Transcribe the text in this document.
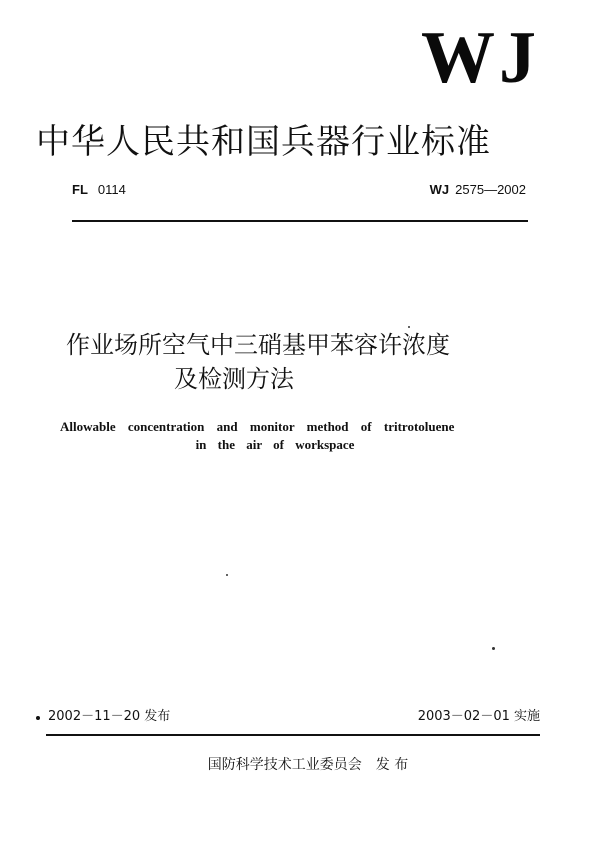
WJ
中华人民共和国兵器行业标准
FL 0114	WJ 2575—2002
作业场所空气中三硝基甲苯容许浓度
及检测方法
Allowable concentration and monitor method of tritrotoluene
in the air of workspace
2002－11－20 发布	2003－02－01 实施
国防科学技术工业委员会 发 布
